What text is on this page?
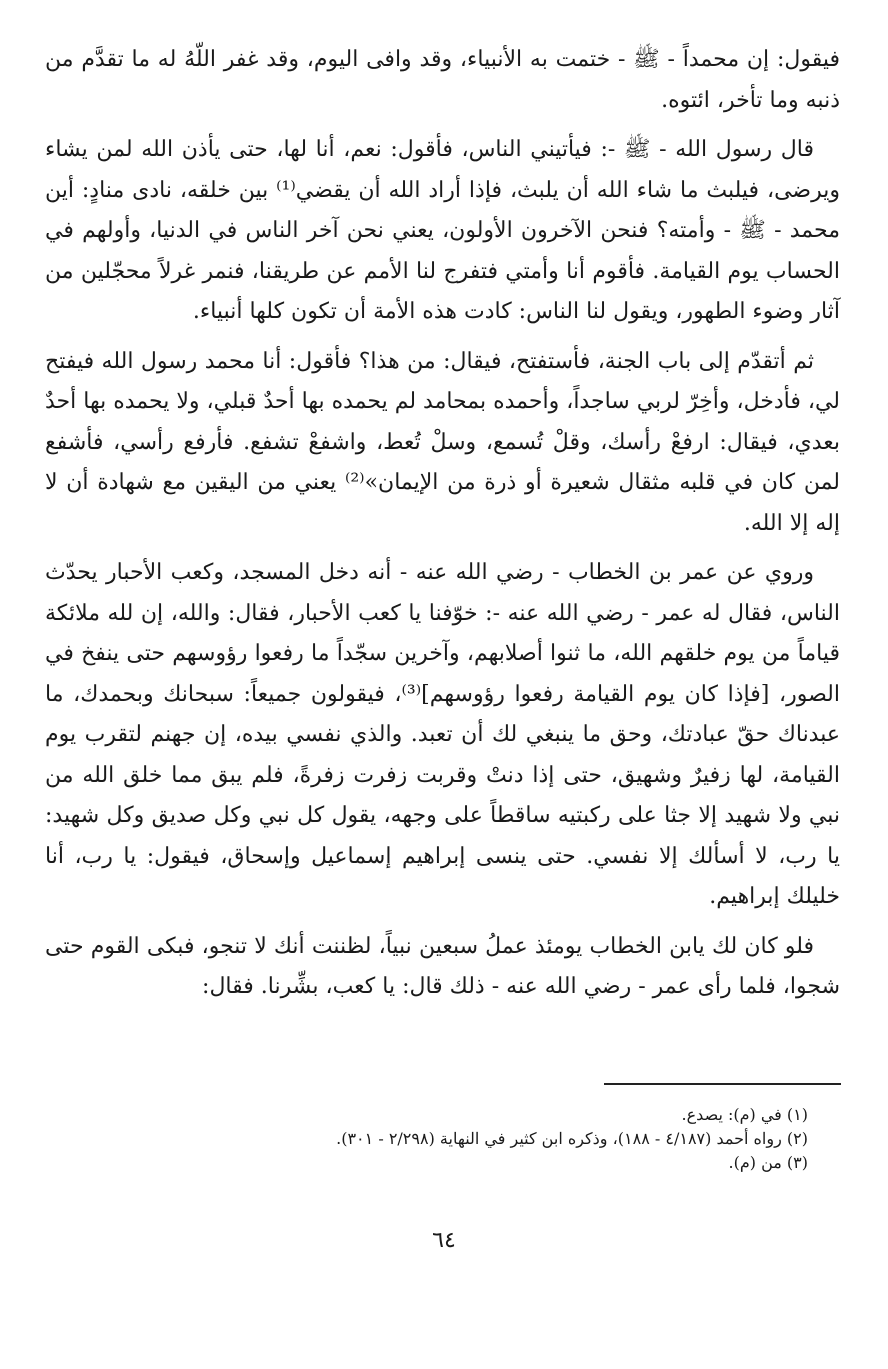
فيقول: إن محمداً - ﷺ - ختمت به الأنبياء، وقد وافى اليوم، وقد غفر اللّهُ له ما تقدَّم من ذنبه وما تأخر، ائتوه.

قال رسول الله - ﷺ -: فيأتيني الناس، فأقول: نعم، أنا لها، حتى يأذن الله لمن يشاء ويرضى، فيلبث ما شاء الله أن يلبث، فإذا أراد الله أن يقضي⁽¹⁾ بين خلقه، نادى منادٍ: أين محمد - ﷺ - وأمته؟ فنحن الآخرون الأولون، يعني نحن آخر الناس في الدنيا، وأولهم في الحساب يوم القيامة. فأقوم أنا وأمتي فتفرج لنا الأمم عن طريقنا، فنمر غرلاً محجّلين من آثار وضوء الطهور، ويقول لنا الناس: كادت هذه الأمة أن تكون كلها أنبياء.

ثم أتقدّم إلى باب الجنة، فأستفتح، فيقال: من هذا؟ فأقول: أنا محمد رسول الله فيفتح لي، فأدخل، وأخِرّ لربي ساجداً، وأحمده بمحامد لم يحمده بها أحدٌ قبلي، ولا يحمده بها أحدٌ بعدي، فيقال: ارفعْ رأسك، وقلْ تُسمع، وسلْ تُعط، واشفعْ تشفع. فأرفع رأسي، فأشفع لمن كان في قلبه مثقال شعيرة أو ذرة من الإيمان»⁽²⁾ يعني من اليقين مع شهادة أن لا إله إلا الله.

وروي عن عمر بن الخطاب - رضي الله عنه - أنه دخل المسجد، وكعب الأحبار يحدّث الناس، فقال له عمر - رضي الله عنه -: خوّفنا يا كعب الأحبار، فقال: والله، إن لله ملائكة قياماً من يوم خلقهم الله، ما ثنوا أصلابهم، وآخرين سجّداً ما رفعوا رؤوسهم حتى ينفخ في الصور، [فإذا كان يوم القيامة رفعوا رؤوسهم]⁽³⁾، فيقولون جميعاً: سبحانك وبحمدك، ما عبدناك حقّ عبادتك، وحق ما ينبغي لك أن تعبد. والذي نفسي بيده، إن جهنم لتقرب يوم القيامة، لها زفيرٌ وشهيق، حتى إذا دنتْ وقربت زفرت زفرةً، فلم يبق مما خلق الله من نبي ولا شهيد إلا جثا على ركبتيه ساقطاً على وجهه، يقول كل نبي وكل صديق وكل شهيد: يا رب، لا أسألك إلا نفسي. حتى ينسى إبراهيم إسماعيل وإسحاق، فيقول: يا رب، أنا خليلك إبراهيم.

فلو كان لك يابن الخطاب يومئذ عملُ سبعين نبياً، لظننت أنك لا تنجو، فبكى القوم حتى شجوا، فلما رأى عمر - رضي الله عنه - ذلك قال: يا كعب، بشِّرنا. فقال:

(١) في (م): يصدع.
(٢) رواه أحمد (٤/١٨٧ - ١٨٨)، وذكره ابن كثير في النهاية (٢/٢٩٨ - ٣٠١).
(٣) من (م).
٦٤
